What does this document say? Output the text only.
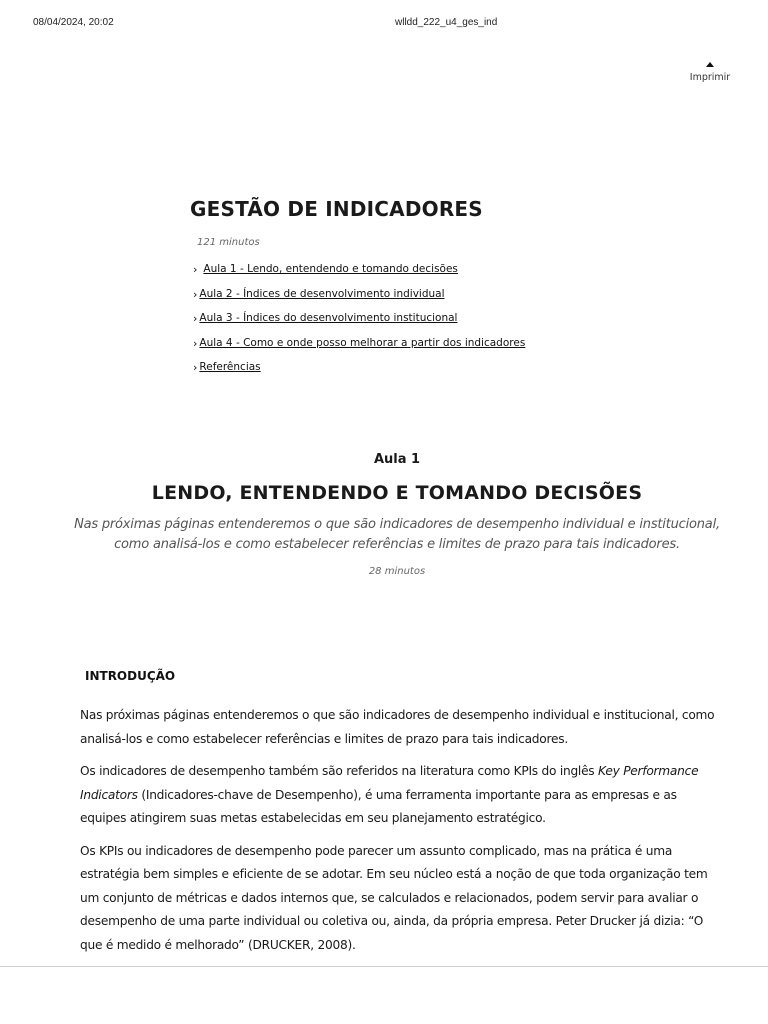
08/04/2024, 20:02	wlldd_222_u4_ges_ind
Imprimir
GESTÃO DE INDICADORES
121 minutos
› Aula 1 - Lendo, entendendo e tomando decisões
› Aula 2 - Índices de desenvolvimento individual
› Aula 3 - Índices do desenvolvimento institucional
› Aula 4 - Como e onde posso melhorar a partir dos indicadores
› Referências
Aula 1
LENDO, ENTENDENDO E TOMANDO DECISÕES
Nas próximas páginas entenderemos o que são indicadores de desempenho individual e institucional, como analisá-los e como estabelecer referências e limites de prazo para tais indicadores.
28 minutos
INTRODUÇÃO

Nas próximas páginas entenderemos o que são indicadores de desempenho individual e institucional, como analisá-los e como estabelecer referências e limites de prazo para tais indicadores.

Os indicadores de desempenho também são referidos na literatura como KPIs do inglês Key Performance Indicators (Indicadores-chave de Desempenho), é uma ferramenta importante para as empresas e as equipes atingirem suas metas estabelecidas em seu planejamento estratégico.

Os KPIs ou indicadores de desempenho pode parecer um assunto complicado, mas na prática é uma estratégia bem simples e eficiente de se adotar. Em seu núcleo está a noção de que toda organização tem um conjunto de métricas e dados internos que, se calculados e relacionados, podem servir para avaliar o desempenho de uma parte individual ou coletiva ou, ainda, da própria empresa. Peter Drucker já dizia: “O que é medido é melhorado” (DRUCKER, 2008).
